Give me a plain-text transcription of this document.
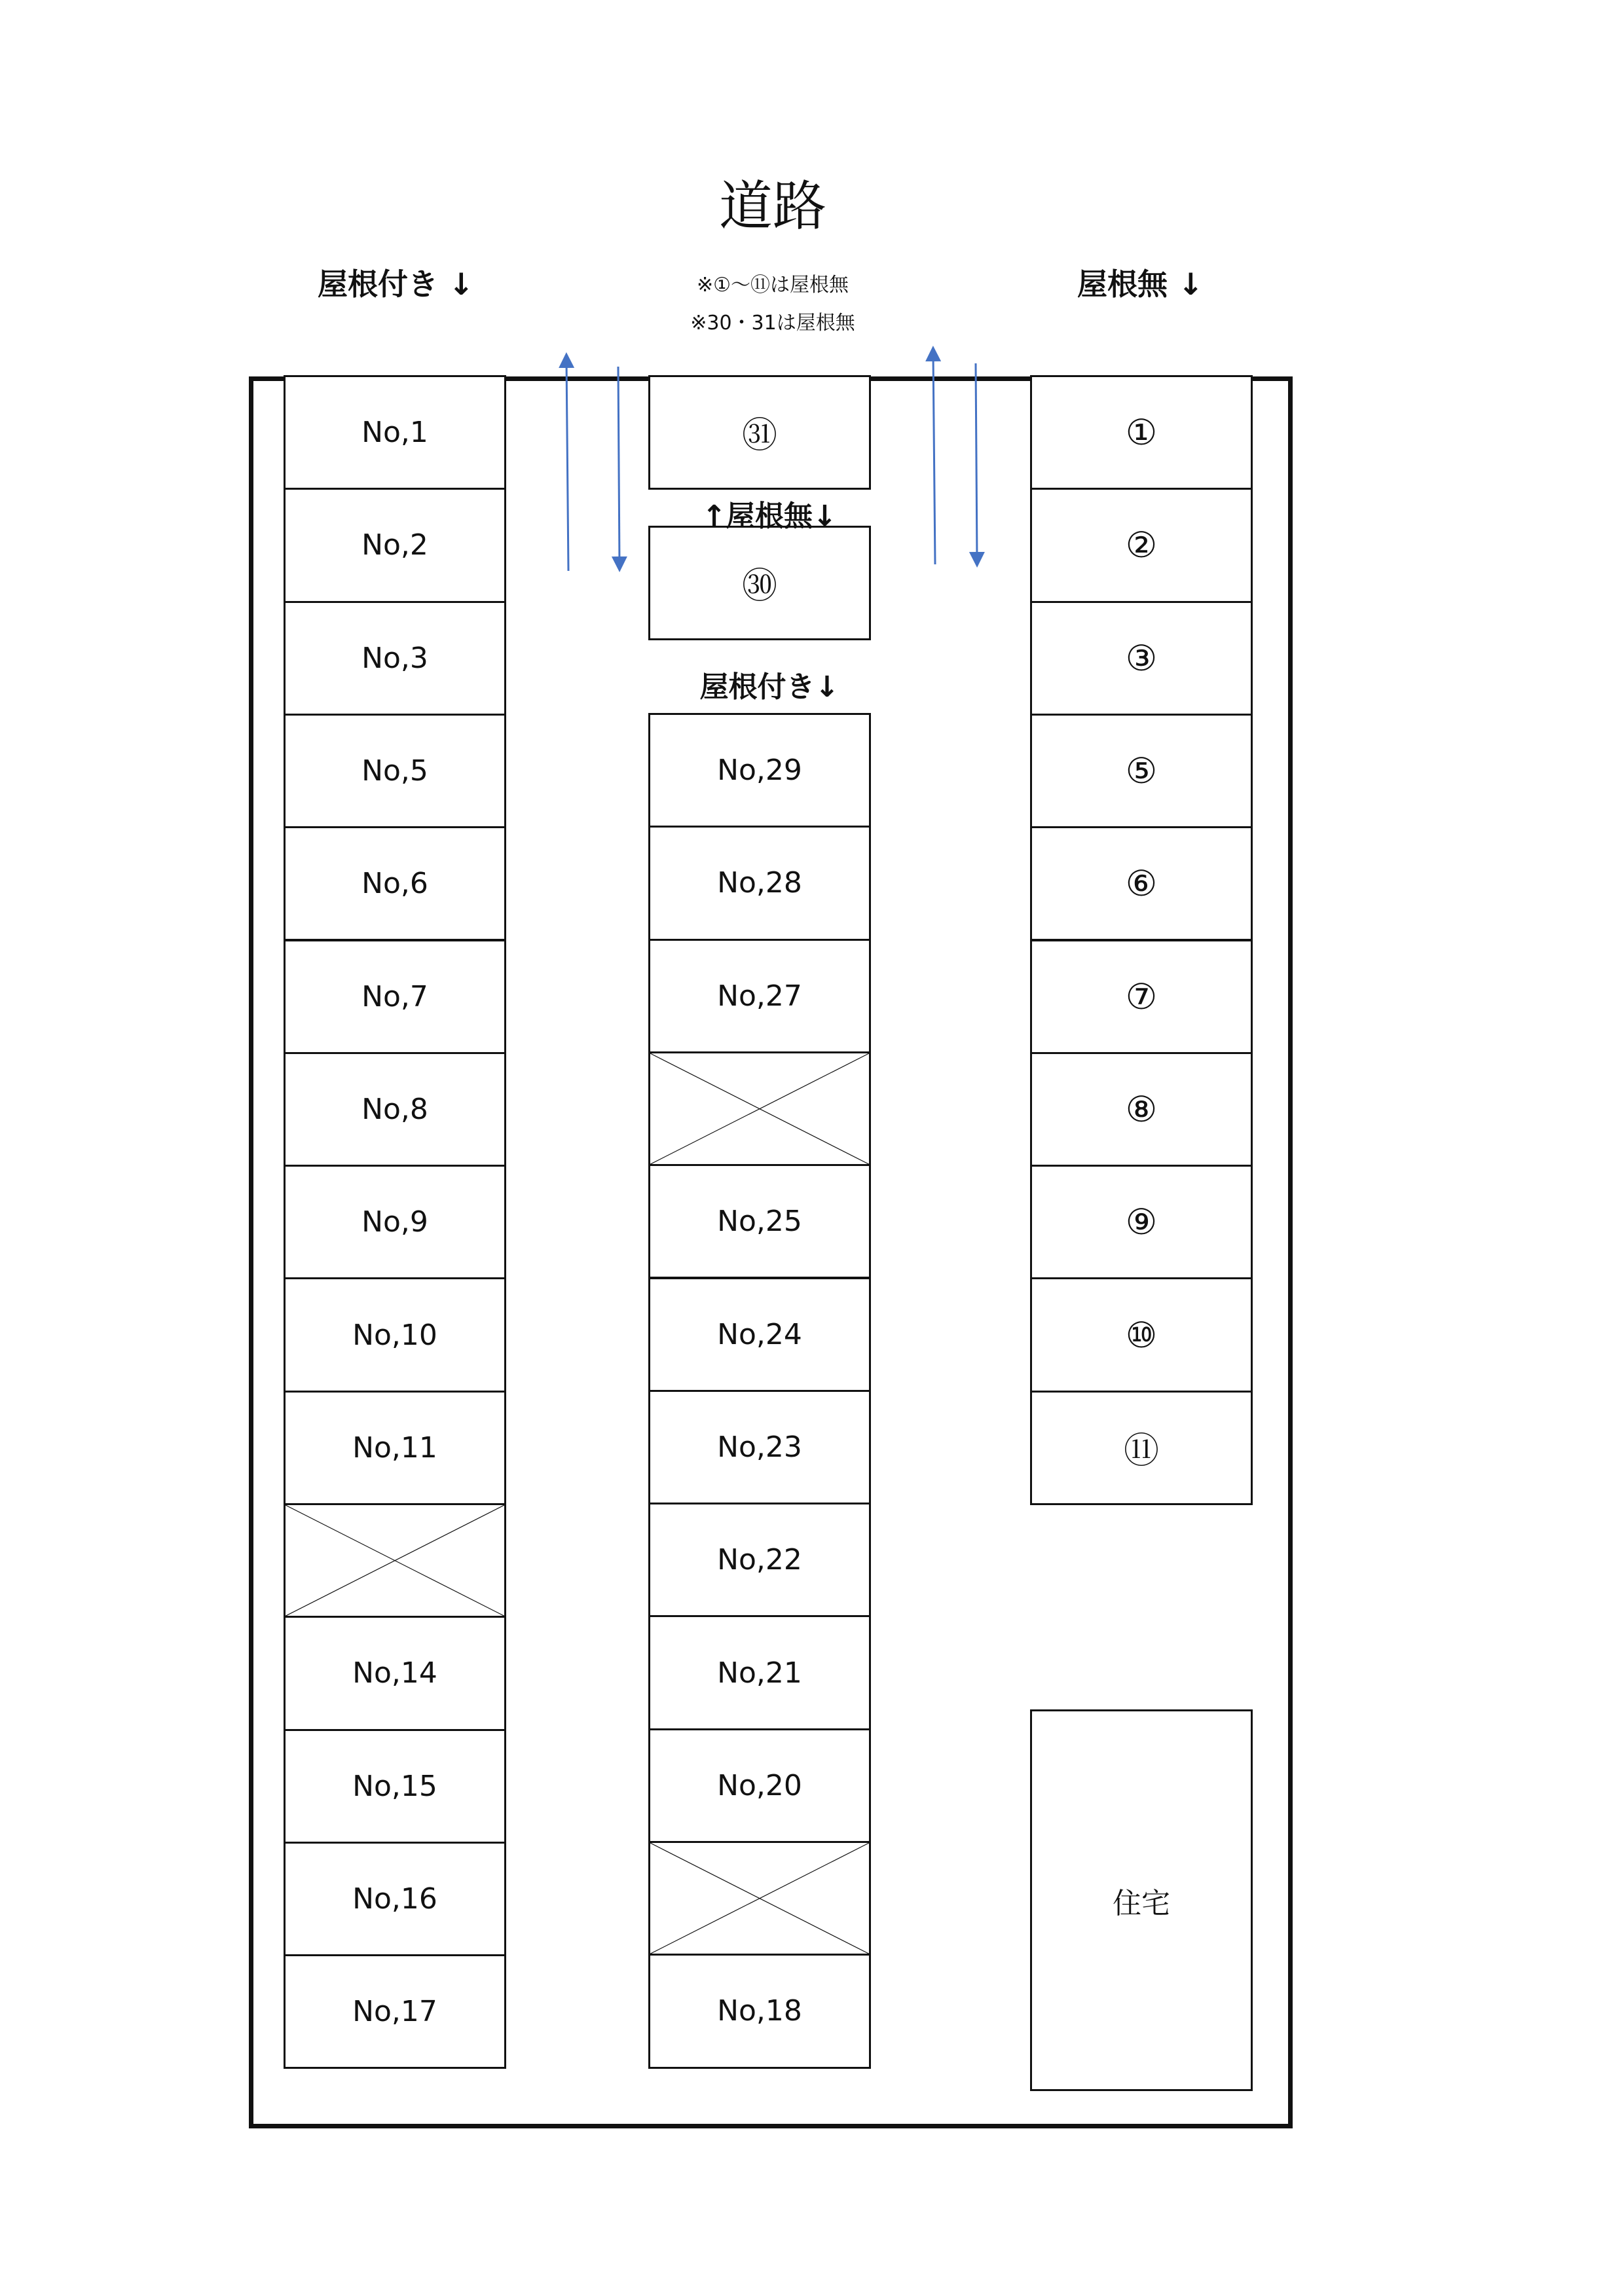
道路
屋根付き ↓	屋根無 ↓
※①〜⑪は屋根無
※30・31は屋根無
No,1
No,2
No,3
No,5
No,6
No,7
No,8
No,9
No,10
No,11
No,14
No,15
No,16
No,17
㉛
㉚
No,29
No,28
No,27
No,25
No,24
No,23
No,22
No,21
No,20
No,18
①
②
③
⑤
⑥
⑦
⑧
⑨
⑩
⑪
↑屋根無↓
屋根付き↓
住宅
